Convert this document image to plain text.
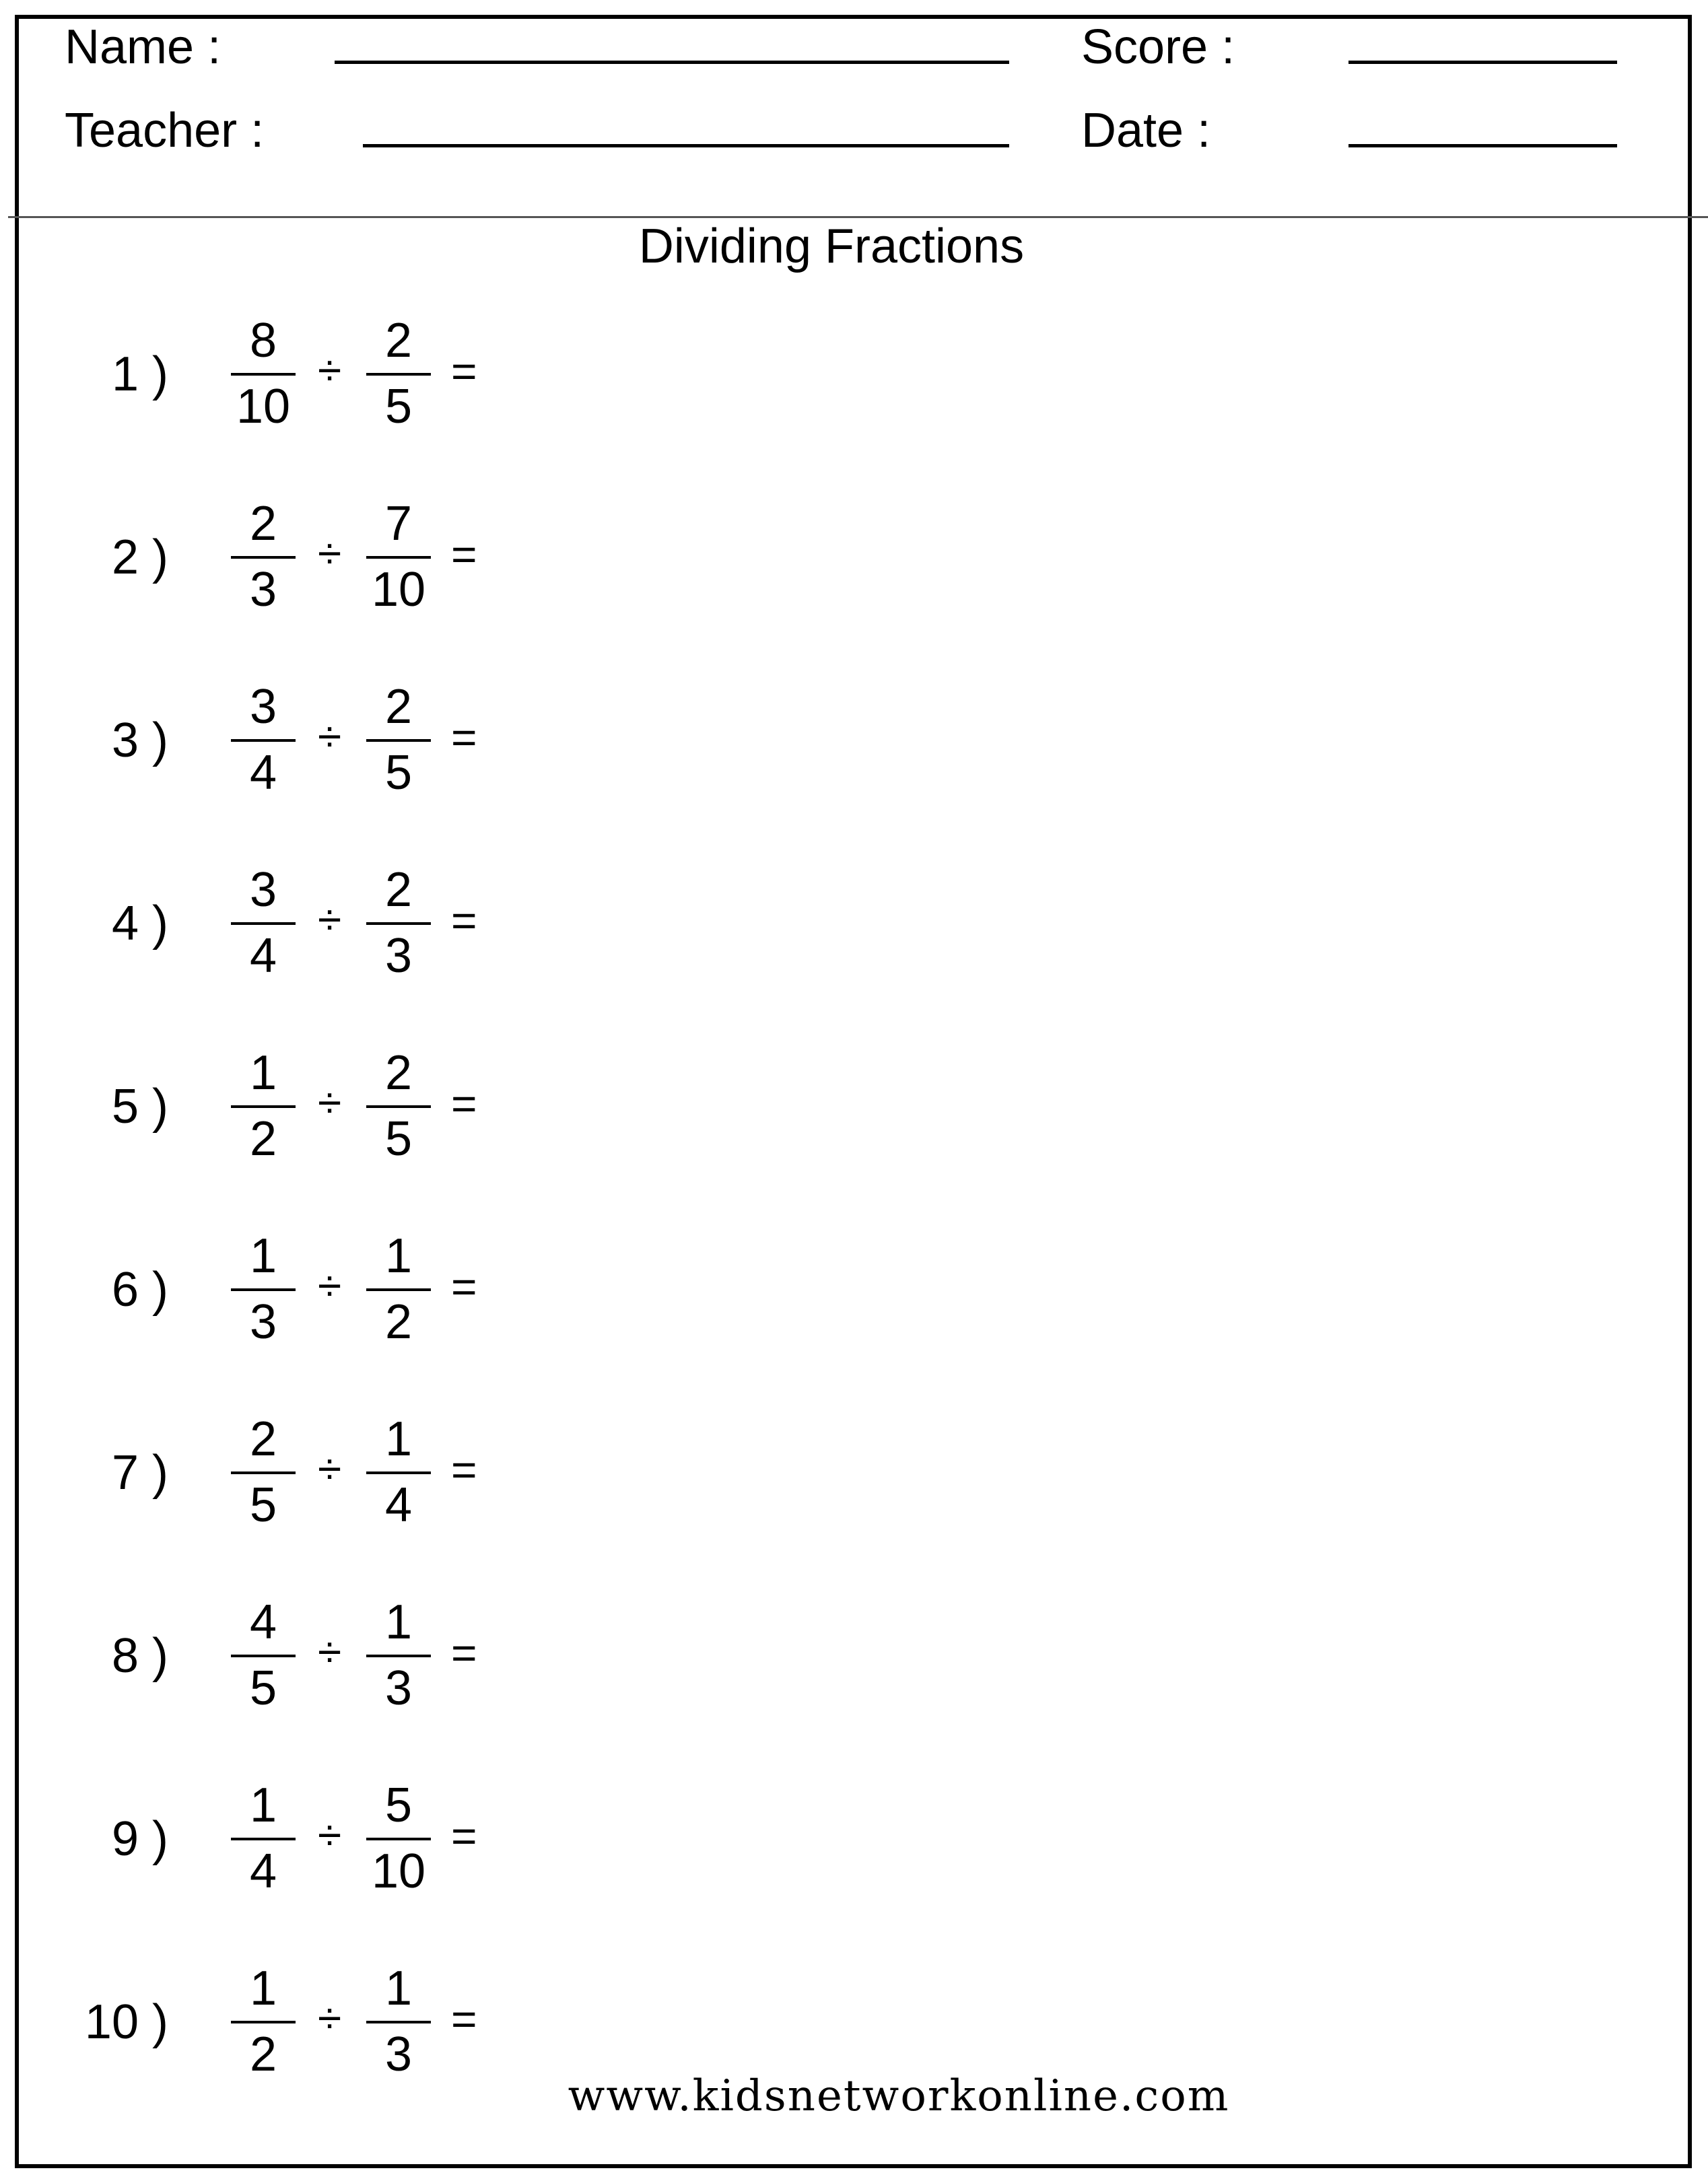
Name :	Score :
Teacher :	Date :
Dividing Fractions
1 )
8
10
÷
2
5
=
2 )
2
3
÷
7
10
=
3 )
3
4
÷
2
5
=
4 )
3
4
÷
2
3
=
5 )
1
2
÷
2
5
=
6 )
1
3
÷
1
2
=
7 )
2
5
÷
1
4
=
8 )
4
5
÷
1
3
=
9 )
1
4
÷
5
10
=
10 )
1
2
÷
1
3
=
www.kidsnetworkonline.com
